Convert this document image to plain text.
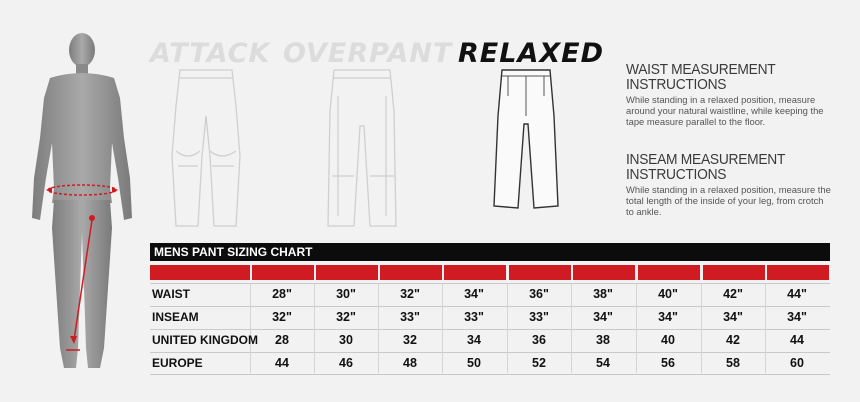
ATTACK OVERPANT RELAXED
WAIST MEASUREMENT
INSTRUCTIONS

While standing in a relaxed position, measure around your natural waistline, while keeping the tape measure parallel to the floor.

INSEAM MEASUREMENT
INSTRUCTIONS

While standing in a relaxed position, measure the total length of the inside of your leg, from crotch to ankle.

MENS PANT SIZING CHART
WAIST	28"	30"	32"	34"	36"	38"	40"	42"	44"
INSEAM	32"	32"	33"	33"	33"	34"	34"	34"	34"
UNITED KINGDOM	28	30	32	34	36	38	40	42	44
EUROPE	44	46	48	50	52	54	56	58	60
